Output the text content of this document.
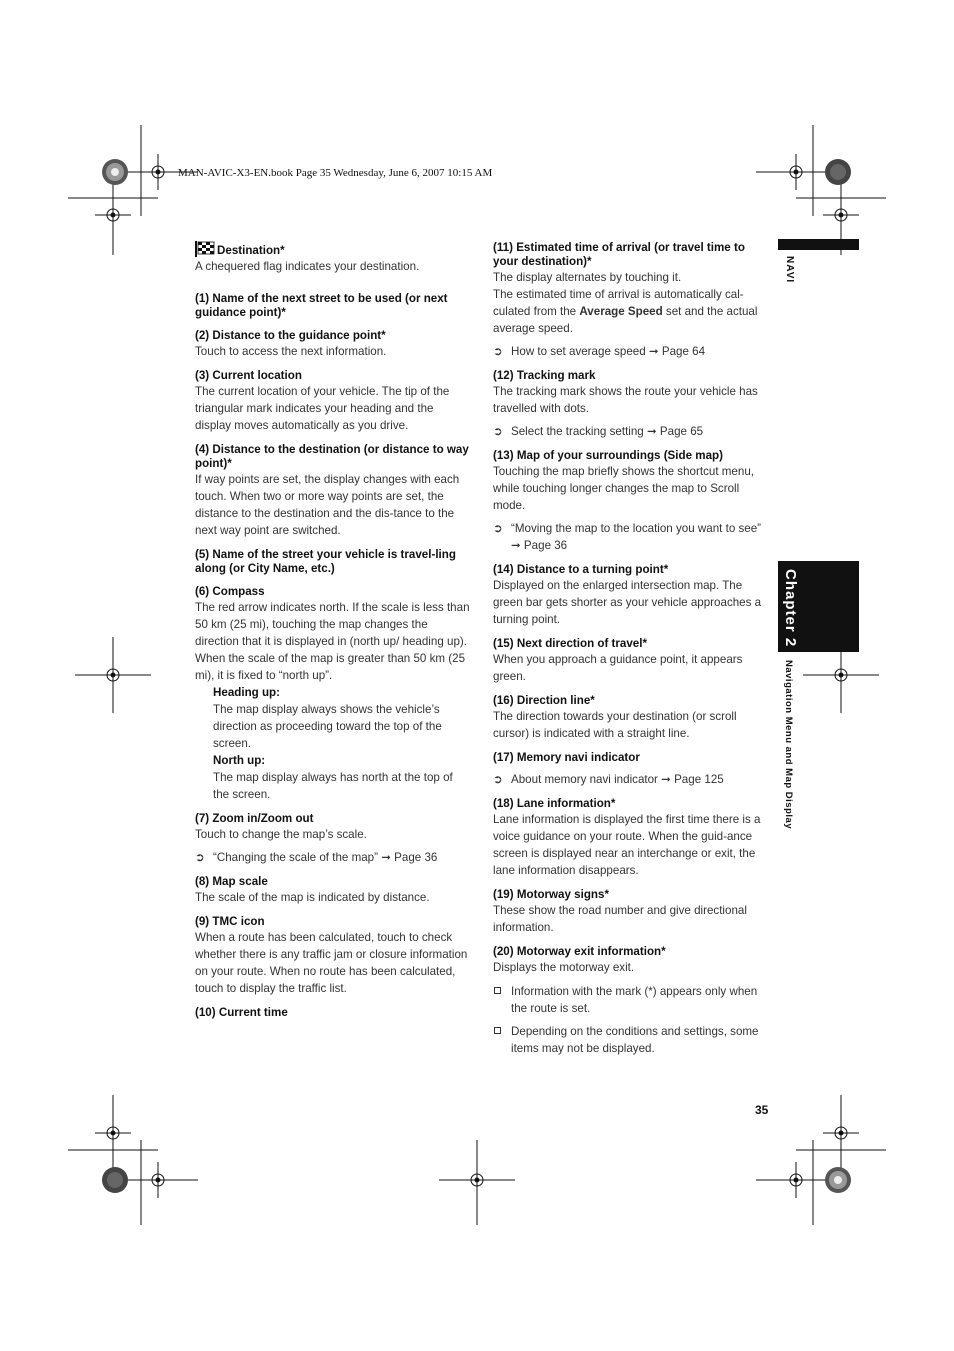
MAN-AVIC-X3-EN.book Page 35 Wednesday, June 6, 2007 10:15 AM
NAVI
Chapter 2
Navigation Menu and Map Display
35

Destination*

A chequered flag indicates your destination.

(1) Name of the next street to be used (or next guidance point)*

(2) Distance to the guidance point*

Touch to access the next information.

(3) Current location

The current location of your vehicle. The tip of the triangular mark indicates your heading and the display moves automatically as you drive.

(4) Distance to the destination (or distance to way point)*

If way points are set, the display changes with each touch. When two or more way points are set, the distance to the destination and the dis-tance to the next way point are switched.

(5) Name of the street your vehicle is travel-ling along (or City Name, etc.)

(6) Compass

The red arrow indicates north. If the scale is less than 50 km (25 mi), touching the map changes the direction that it is displayed in (north up/ heading up). When the scale of the map is greater than 50 km (25 mi), it is fixed to “north up”.

Heading up:

The map display always shows the vehicle’s direction as proceeding toward the top of the screen.

North up:

The map display always has north at the top of the screen.

(7) Zoom in/Zoom out

Touch to change the map’s scale.

➲ “Changing the scale of the map” ➞ Page 36

(8) Map scale

The scale of the map is indicated by distance.

(9) TMC icon

When a route has been calculated, touch to check whether there is any traffic jam or closure information on your route. When no route has been calculated, touch to display the traffic list.

(10) Current time

(11) Estimated time of arrival (or travel time to your destination)*

The display alternates by touching it.

The estimated time of arrival is automatically cal-culated from the Average Speed set and the actual average speed.

➲ How to set average speed ➞ Page 64

(12) Tracking mark

The tracking mark shows the route your vehicle has travelled with dots.

➲ Select the tracking setting ➞ Page 65

(13) Map of your surroundings (Side map)

Touching the map briefly shows the shortcut menu, while touching longer changes the map to Scroll mode.

➲ “Moving the map to the location you want to see” ➞ Page 36

(14) Distance to a turning point*

Displayed on the enlarged intersection map. The green bar gets shorter as your vehicle approaches a turning point.

(15) Next direction of travel*

When you approach a guidance point, it appears green.

(16) Direction line*

The direction towards your destination (or scroll cursor) is indicated with a straight line.

(17) Memory navi indicator

➲ About memory navi indicator ➞ Page 125

(18) Lane information*

Lane information is displayed the first time there is a voice guidance on your route. When the guid-ance screen is displayed near an interchange or exit, the lane information disappears.

(19) Motorway signs*

These show the road number and give directional information.

(20) Motorway exit information*

Displays the motorway exit.

Information with the mark (*) appears only when the route is set.

Depending on the conditions and settings, some items may not be displayed.
